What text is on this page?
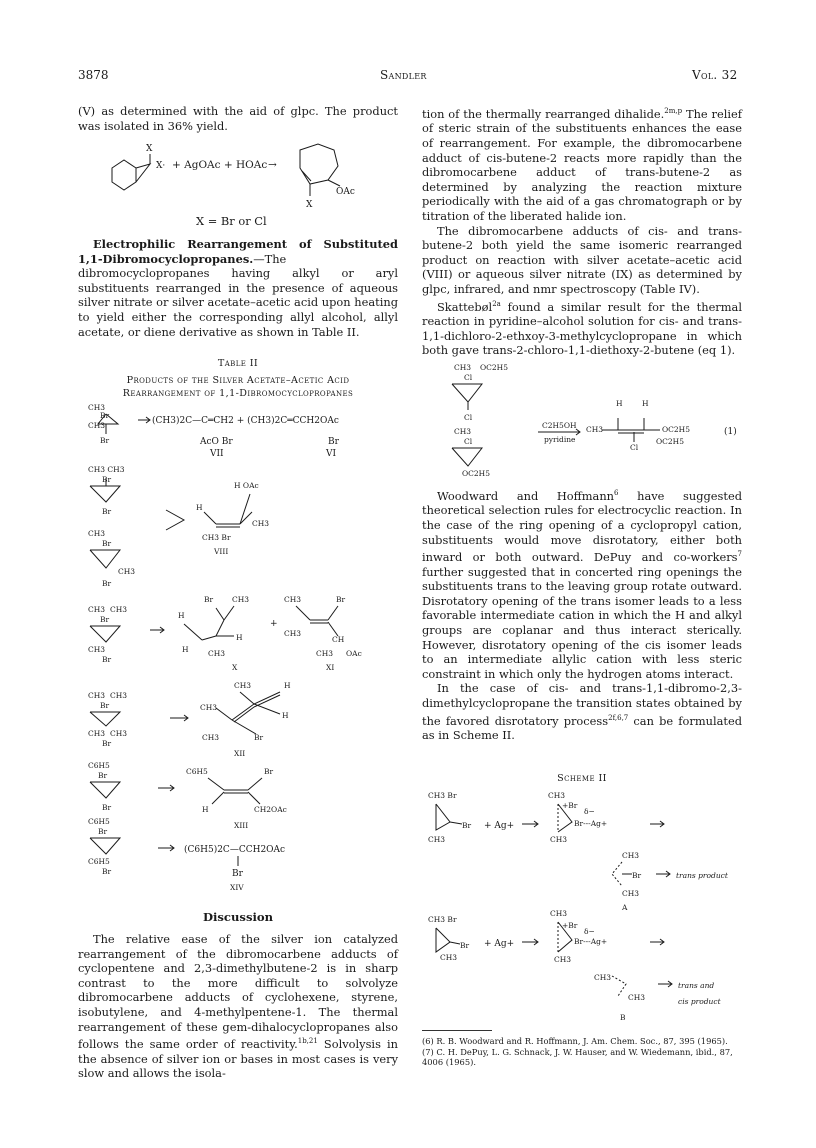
3878	Sandler	Vol. 32

(V) as determined with the aid of glpc. The product was isolated in 36% yield.

X
X· + AgOAc + HOAc →
OAc
X
X = Br or Cl

Electrophilic Rearrangement of Substituted 1,1-Dibromocyclopropanes.—The dibromocyclopropanes having alkyl or aryl substituents rearranged in the presence of aqueous silver nitrate or silver acetate–acetic acid upon heating to yield either the corresponding allyl alcohol, allyl acetate, or diene derivative as shown in Table II.

Table II
Products of the Silver Acetate–Acetic Acid Rearrangement of 1,1-Dibromocyclopropanes
CH3
Br
CH3
Br
(CH3)2C—C═CH2 + (CH3)2C═CCH2OAc
AcO Br	Br
VII	VI
CH3 CH3
Br
Br
H OAc
H
CH3
CH3 Br
VIII
CH3
Br
CH3
Br
CH3 CH3
Br
CH3
Br
Br	CH3
H
H
H	CH3
+
CH3	Br
CH3
CH
CH3 OAc
X	XI
CH3 CH3
Br
CH3 CH3
Br
CH3	H
CH3
H
CH3	Br
XII
C6H5
Br
Br
C6H5	Br
H	CH2OAc
XIII
C6H5
Br
C6H5
Br
(C6H5)2C—CCH2OAc
Br
XIV
Discussion

The relative ease of the silver ion catalyzed rearrangement of the dibromocarbene adducts of cyclopentene and 2,3-dimethylbutene-2 is in sharp contrast to the more difficult to solvolyze dibromocarbene adducts of cyclohexene, styrene, isobutylene, and 4-methylpentene-1. The thermal rearrangement of these gem-dihalocyclopropanes also follows the same order of reactivity.$^{1b,21}$ Solvolysis in the absence of silver ion or bases in most cases is very slow and allows the isola-

tion of the thermally rearranged dihalide.$^{2m,p}$ The relief of steric strain of the substituents enhances the ease of rearrangement. For example, the dibromocarbene adduct of cis-butene-2 reacts more rapidly than the dibromocarbene adduct of trans-butene-2 as determined by analyzing the reaction mixture periodically with the aid of a gas chromatograph or by titration of the liberated halide ion.

The dibromocarbene adducts of cis- and trans-butene-2 both yield the same isomeric rearranged product on reaction with silver acetate–acetic acid (VIII) or aqueous silver nitrate (IX) as determined by glpc, infrared, and nmr spectroscopy (Table IV).

Skattebøl$^{2a}$ found a similar result for the thermal reaction in pyridine–alcohol solution for cis- and trans-1,1-dichloro-2-ethxoy-3-methylcyclopropane in which both gave trans-2-chloro-1,1-diethoxy-2-butene (eq 1).

CH3 OC2H5
Cl
Cl
C2H5OH
pyridine
CH3
Cl
OC2H5
H	H
CH3
Cl
OC2H5
OC2H5
(1)

Woodward and Hoffmann$^6$ have suggested theoretical selection rules for electrocyclic reaction. In the case of the ring opening of a cyclopropyl cation, substituents would move disrotatory, either both inward or both outward. DePuy and co-workers$^7$ further suggested that in concerted ring openings the substituents trans to the leaving group rotate outward. Disrotatory opening of the trans isomer leads to a less favorable intermediate cation in which the H and alkyl groups are coplanar and thus interact sterically. However, disrotatory opening of the cis isomer leads to an intermediate allylic cation with less steric constraint in which only the hydrogen atoms interact.

In the case of cis- and trans-1,1-dibromo-2,3-dimethylcyclopropane the transition states obtained by the favored disrotatory process$^{2f,6,7}$ can be formulated as in Scheme II.

Scheme II
CH3 Br
Br
CH3
+ Ag+
CH3
+Br
δ−
Br---Ag+
CH3
CH3
Br	trans product
CH3
A
CH3 Br
Br
CH3
+ Ag+
CH3
+Br
δ−
Br---Ag+
CH3
CH3
CH3
trans and
cis product
B

(6) R. B. Woodward and R. Hoffmann, J. Am. Chem. Soc., 87, 395 (1965).

(7) C. H. DePuy, L. G. Schnack, J. W. Hauser, and W. Wiedemann, ibid., 87, 4006 (1965).
